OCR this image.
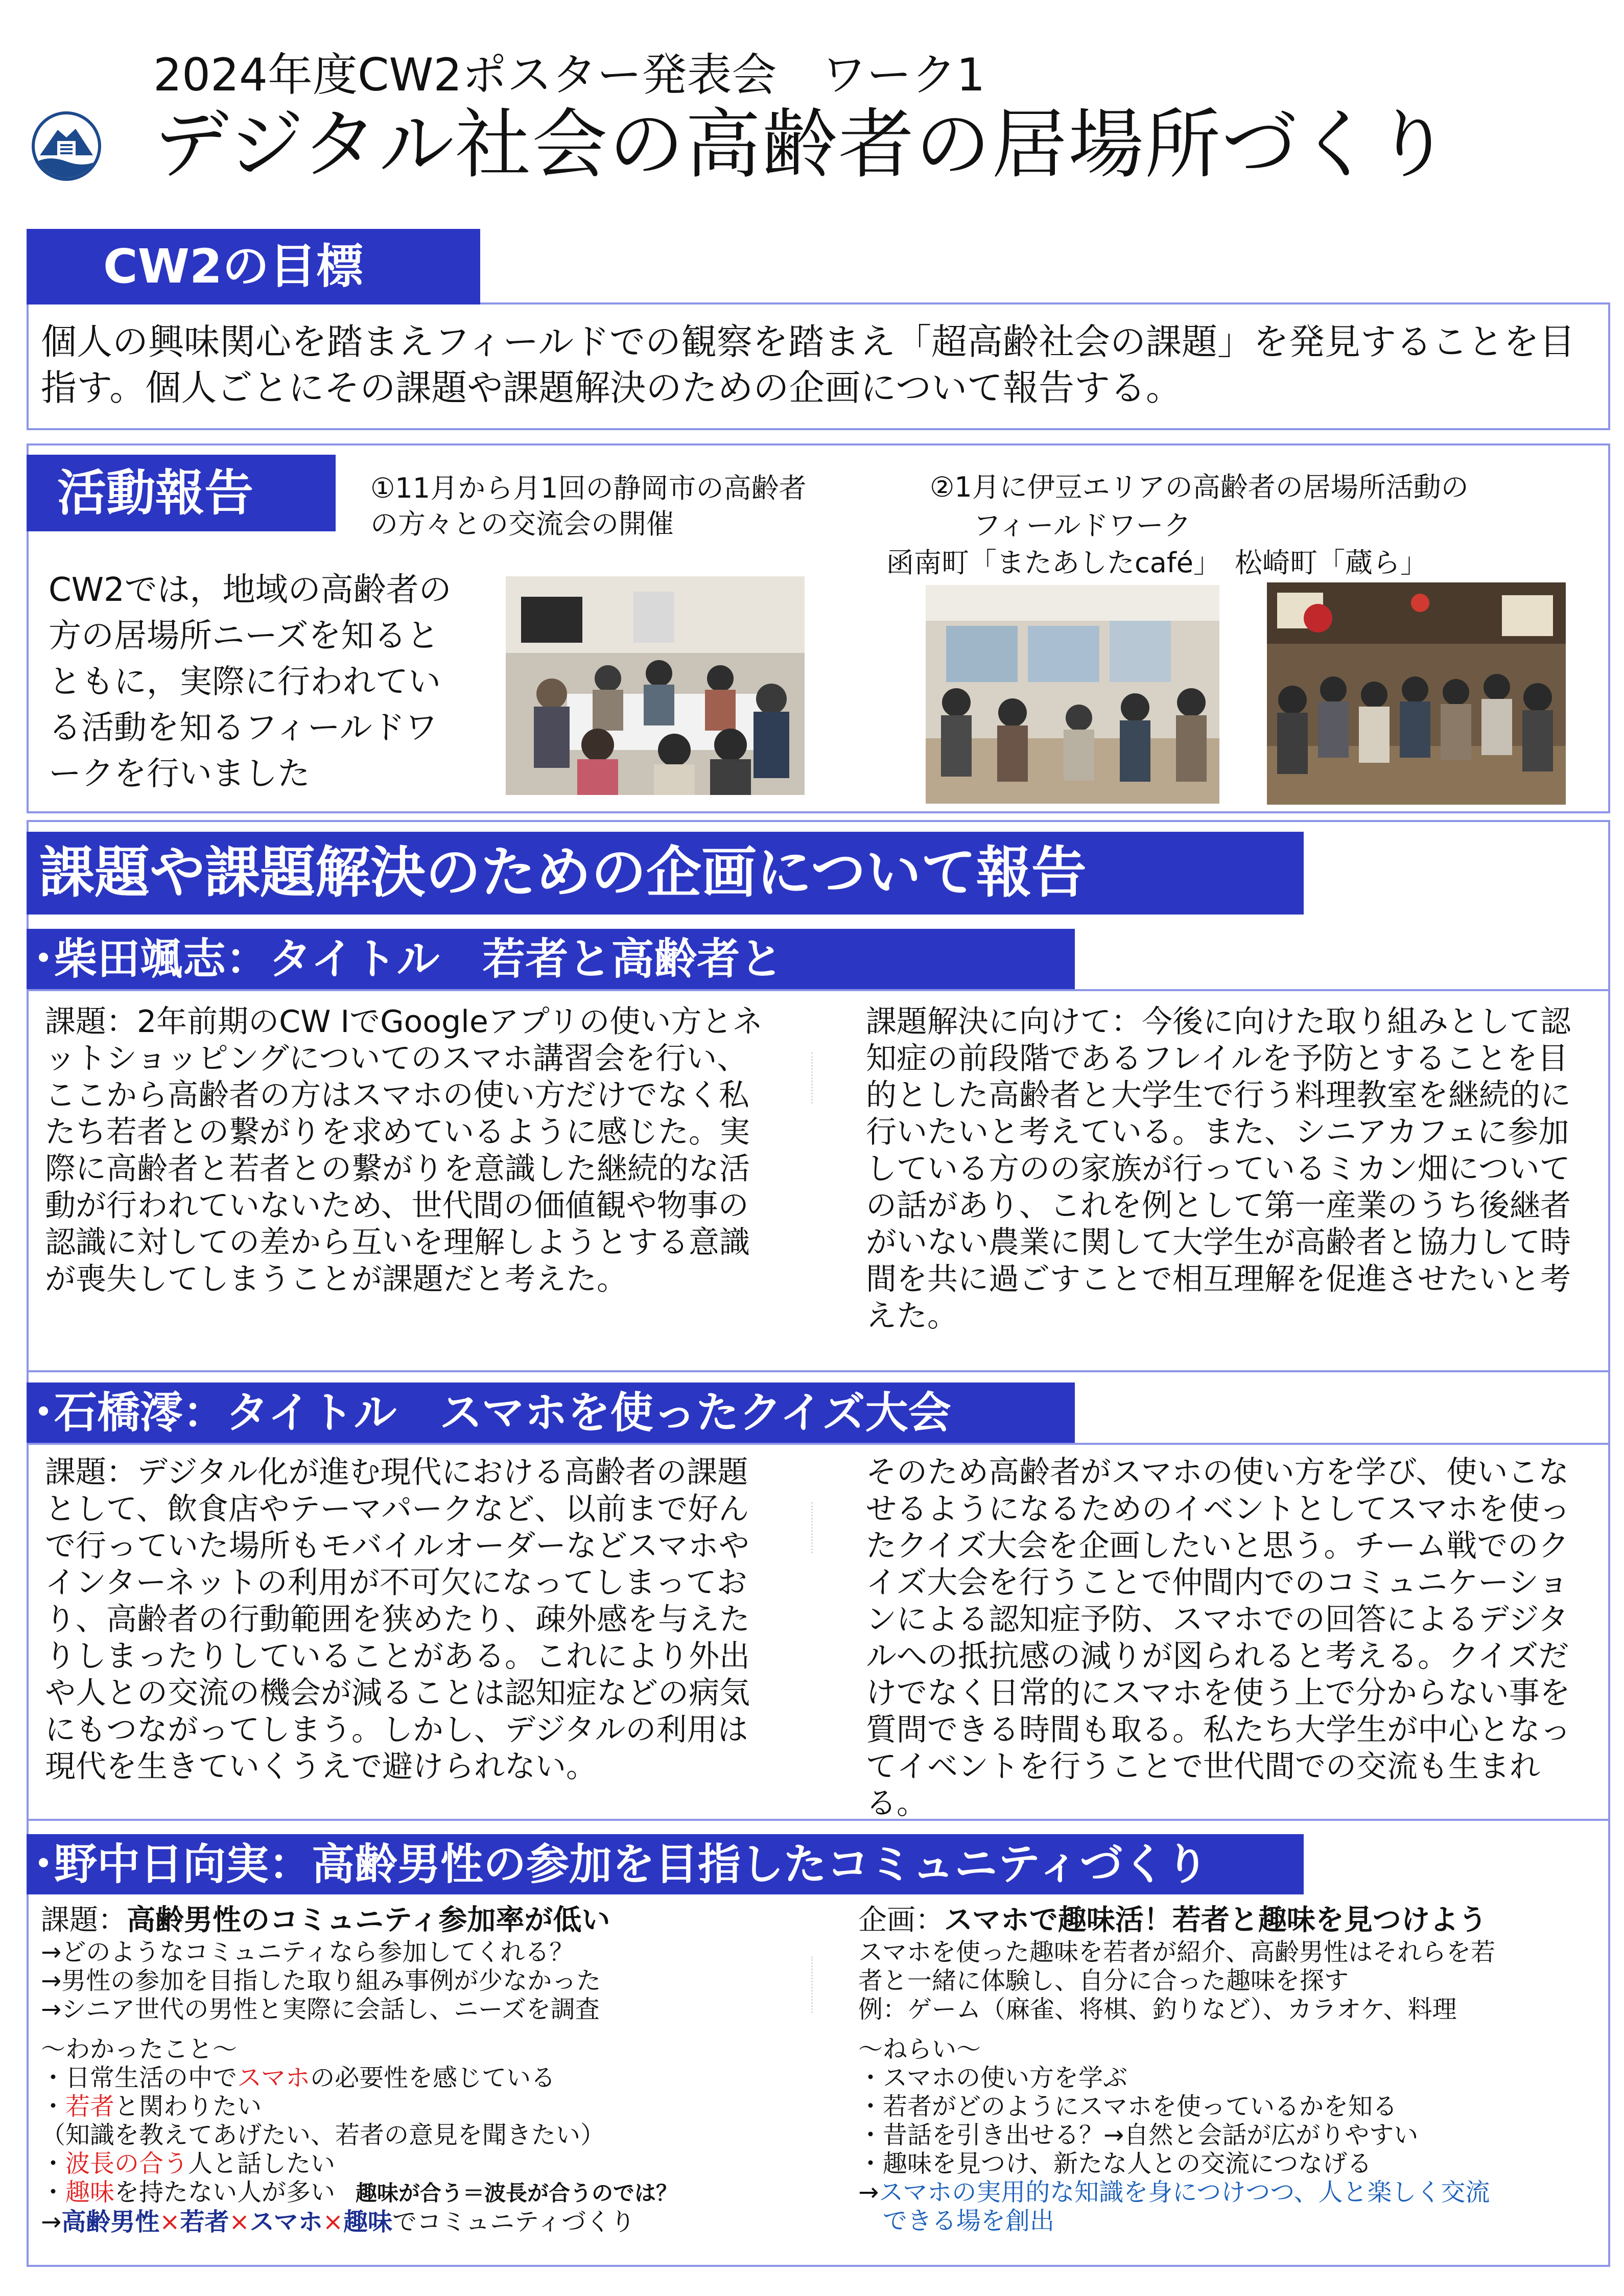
2024年度CW2ポスター発表会　ワーク1
デジタル社会の高齢者の居場所づくり
CW2の目標
個人の興味関心を踏まえフィールドでの観察を踏まえ「超高齢社会の課題」を発見することを目指す。個人ごとにその課題や課題解決のための企画について報告する。
活動報告	①11月から月1回の静岡市の高齢者
の方々との交流会の開催
②1月に伊豆エリアの高齢者の居場所活動の
フィールドワーク
函南町「またあしたcafé」　松崎町「蔵ら」
CW2では，地域の高齢者の方の居場所ニーズを知るとともに，実際に行われている活動を知るフィールドワークを行いました
課題や課題解決のための企画について報告
･柴田颯志：タイトル　若者と高齢者と
課題：2年前期のCW ⅠでGoogleアプリの使い方とネットショッピングについてのスマホ講習会を行い、ここから高齢者の方はスマホの使い方だけでなく私たち若者との繋がりを求めているように感じた。実際に高齢者と若者との繋がりを意識した継続的な活動が行われていないため、世代間の価値観や物事の認識に対しての差から互いを理解しようとする意識が喪失してしまうことが課題だと考えた。
課題解決に向けて：今後に向けた取り組みとして認知症の前段階であるフレイルを予防とすることを目的とした高齢者と大学生で行う料理教室を継続的に行いたいと考えている。また、シニアカフェに参加している方のの家族が行っているミカン畑についての話があり、これを例として第一産業のうち後継者がいない農業に関して大学生が高齢者と協力して時間を共に過ごすことで相互理解を促進させたいと考えた。
･石橋澪：タイトル　スマホを使ったクイズ大会
課題：デジタル化が進む現代における高齢者の課題として、飲食店やテーマパークなど、以前まで好んで行っていた場所もモバイルオーダーなどスマホやインターネットの利用が不可欠になってしまっており、高齢者の行動範囲を狭めたり、疎外感を与えたりしまったりしていることがある。これにより外出や人との交流の機会が減ることは認知症などの病気にもつながってしまう。しかし、デジタルの利用は現代を生きていくうえで避けられない。
そのため高齢者がスマホの使い方を学び、使いこなせるようになるためのイベントとしてスマホを使ったクイズ大会を企画したいと思う。チーム戦でのクイズ大会を行うことで仲間内でのコミュニケーションによる認知症予防、スマホでの回答によるデジタルへの抵抗感の減りが図られると考える。クイズだけでなく日常的にスマホを使う上で分からない事を質問できる時間も取る。私たち大学生が中心となってイベントを行うことで世代間での交流も生まれる。
･野中日向実：高齢男性の参加を目指したコミュニティづくり
課題：高齢男性のコミュニティ参加率が低い
→どのようなコミュニティなら参加してくれる？
→男性の参加を目指した取り組み事例が少なかった
→シニア世代の男性と実際に会話し、ニーズを調査
～わかったこと～
・日常生活の中でスマホの必要性を感じている
・若者と関わりたい
（知識を教えてあげたい、若者の意見を聞きたい）
・波長の合う人と話したい
・趣味を持たない人が多い 趣味が合う＝波長が合うのでは？
→高齢男性×若者×スマホ×趣味でコミュニティづくり
企画：スマホで趣味活！若者と趣味を見つけよう
スマホを使った趣味を若者が紹介、高齢男性はそれらを若
者と一緒に体験し、自分に合った趣味を探す
例：ゲーム（麻雀、将棋、釣りなど）、カラオケ、料理
～ねらい～
・スマホの使い方を学ぶ
・若者がどのようにスマホを使っているかを知る
・昔話を引き出せる？→自然と会話が広がりやすい
・趣味を見つけ、新たな人との交流につなげる
→スマホの実用的な知識を身につけつつ、人と楽しく交流
できる場を創出
